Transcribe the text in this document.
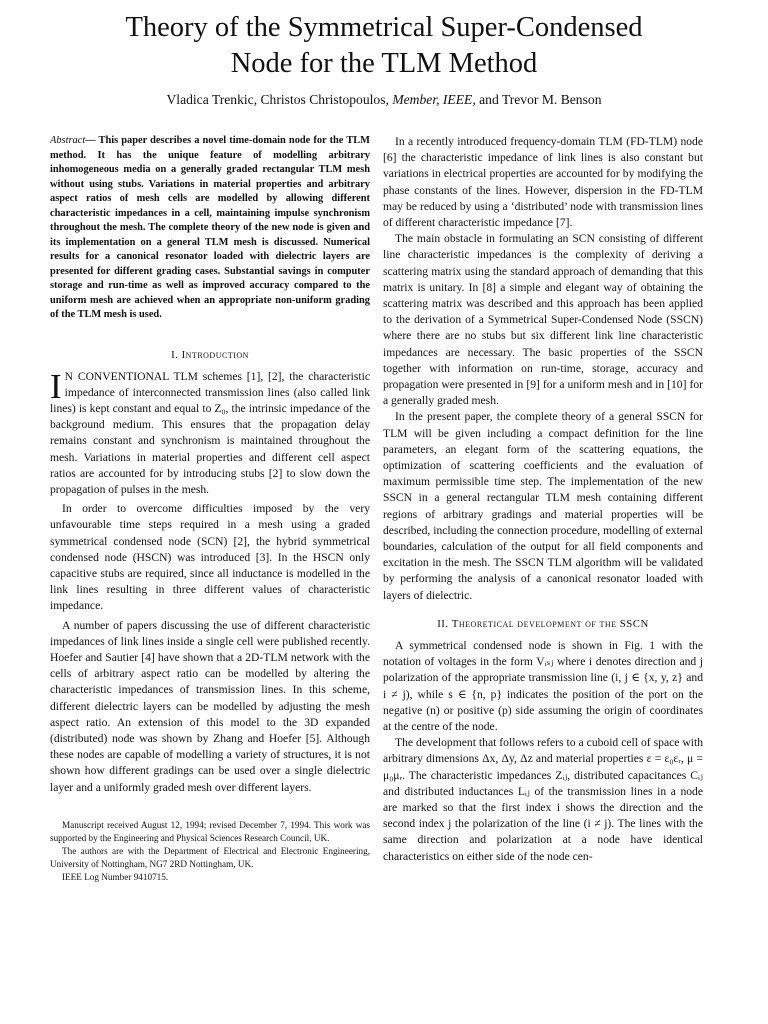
Theory of the Symmetrical Super-Condensed
Node for the TLM Method
Vladica Trenkic, Christos Christopoulos, Member, IEEE, and Trevor M. Benson

Abstract— This paper describes a novel time-domain node for the TLM method. It has the unique feature of modelling arbitrary inhomogeneous media on a generally graded rectangular TLM mesh without using stubs. Variations in material properties and arbitrary aspect ratios of mesh cells are modelled by allowing different characteristic impedances in a cell, maintaining impulse synchronism throughout the mesh. The complete theory of the new node is given and its implementation on a general TLM mesh is discussed. Numerical results for a canonical resonator loaded with dielectric layers are presented for different grading cases. Substantial savings in computer storage and run-time as well as improved accuracy compared to the uniform mesh are achieved when an appropriate non-uniform grading of the TLM mesh is used.

I. Introduction

I N CONVENTIONAL TLM schemes [1], [2], the characteristic impedance of interconnected transmission lines (also called link lines) is kept constant and equal to Z₀, the intrinsic impedance of the background medium. This ensures that the propagation delay remains constant and synchronism is maintained throughout the mesh. Variations in material properties and different cell aspect ratios are accounted for by introducing stubs [2] to slow down the propagation of pulses in the mesh.

In order to overcome difficulties imposed by the very unfavourable time steps required in a mesh using a graded symmetrical condensed node (SCN) [2], the hybrid symmetrical condensed node (HSCN) was introduced [3]. In the HSCN only capacitive stubs are required, since all inductance is modelled in the link lines resulting in three different values of characteristic impedance.

A number of papers discussing the use of different characteristic impedances of link lines inside a single cell were published recently. Hoefer and Sautier [4] have shown that a 2D-TLM network with the cells of arbitrary aspect ratio can be modelled by altering the characteristic impedances of transmission lines. In this scheme, different dielectric layers can be modelled by adjusting the mesh aspect ratio. An extension of this model to the 3D expanded (distributed) node was shown by Zhang and Hoefer [5]. Although these nodes are capable of modelling a variety of structures, it is not shown how different gradings can be used over a single dielectric layer and a uniformly graded mesh over different layers.

Manuscript received August 12, 1994; revised December 7, 1994. This work was supported by the Engineering and Physical Sciences Research Council, UK.

The authors are with the Department of Electrical and Electronic Engineering, University of Nottingham, NG7 2RD Nottingham, UK.

IEEE Log Number 9410715.

In a recently introduced frequency-domain TLM (FD-TLM) node [6] the characteristic impedance of link lines is also constant but variations in electrical properties are accounted for by modifying the phase constants of the lines. However, dispersion in the FD-TLM may be reduced by using a ‘distributed’ node with transmission lines of different characteristic impedance [7].

The main obstacle in formulating an SCN consisting of different line characteristic impedances is the complexity of deriving a scattering matrix using the standard approach of demanding that this matrix is unitary. In [8] a simple and elegant way of obtaining the scattering matrix was described and this approach has been applied to the derivation of a Symmetrical Super-Condensed Node (SSCN) where there are no stubs but six different link line characteristic impedances are necessary. The basic properties of the SSCN together with information on run-time, storage, accuracy and propagation were presented in [9] for a uniform mesh and in [10] for a generally graded mesh.

In the present paper, the complete theory of a general SSCN for TLM will be given including a compact definition for the line parameters, an elegant form of the scattering equations, the optimization of scattering coefficients and the evaluation of maximum permissible time step. The implementation of the new SSCN in a general rectangular TLM mesh containing different regions of arbitrary gradings and material properties will be described, including the connection procedure, modelling of external boundaries, calculation of the output for all field components and excitation in the mesh. The SSCN TLM algorithm will be validated by performing the analysis of a canonical resonator loaded with layers of dielectric.

II. Theoretical development of the SSCN

A symmetrical condensed node is shown in Fig. 1 with the notation of voltages in the form Vᵢₛⱼ where i denotes direction and j polarization of the appropriate transmission line (i, j ∈ {x, y, z} and i ≠ j), while s ∈ {n, p} indicates the position of the port on the negative (n) or positive (p) side assuming the origin of coordinates at the centre of the node.

The development that follows refers to a cuboid cell of space with arbitrary dimensions Δx, Δy, Δz and material properties ε = ε₀εᵣ, μ = μ₀μᵣ. The characteristic impedances Zᵢⱼ, distributed capacitances Cᵢⱼ and distributed inductances Lᵢⱼ of the transmission lines in a node are marked so that the first index i shows the direction and the second index j the polarization of the line (i ≠ j). The lines with the same direction and polarization at a node have identical characteristics on either side of the node cen-
